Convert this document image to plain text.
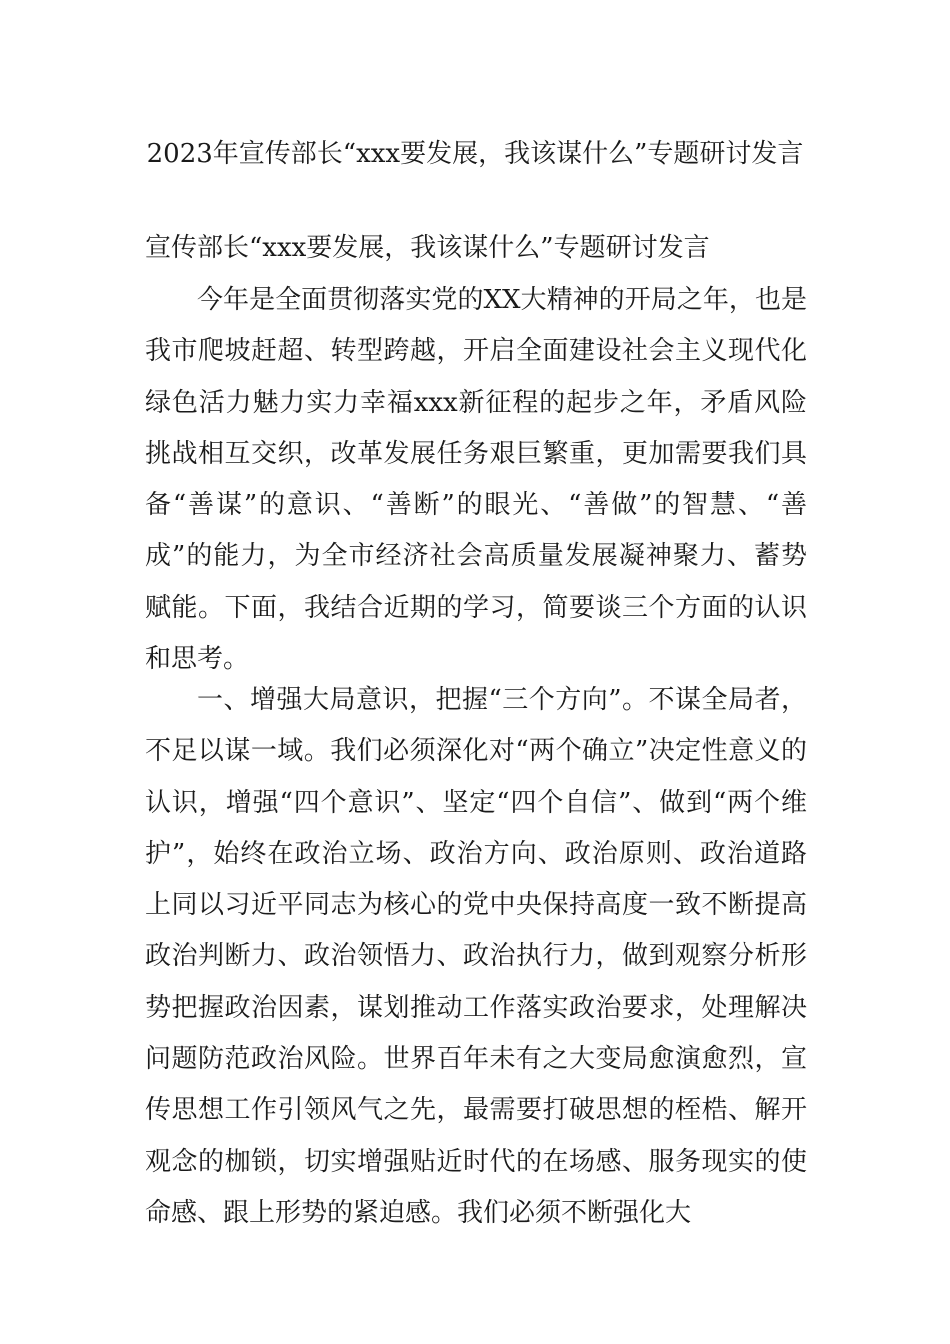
2023年宣传部长“xxx要发展，我该谋什么”专题研讨发言

宣传部长“xxx要发展，我该谋什么”专题研讨发言

今年是全面贯彻落实党的XX大精神的开局之年，也是我市爬坡赶超、转型跨越，开启全面建设社会主义现代化绿色活力魅力实力幸福xxx新征程的起步之年，矛盾风险挑战相互交织，改革发展任务艰巨繁重，更加需要我们具备“善谋”的意识、“善断”的眼光、“善做”的智慧、“善成”的能力，为全市经济社会高质量发展凝神聚力、蓄势赋能。下面，我结合近期的学习，简要谈三个方面的认识和思考。

一、增强大局意识，把握“三个方向”。不谋全局者，不足以谋一域。我们必须深化对“两个确立”决定性意义的认识，增强“四个意识”、坚定“四个自信”、做到“两个维护”，始终在政治立场、政治方向、政治原则、政治道路上同以习近平同志为核心的党中央保持高度一致不断提高政治判断力、政治领悟力、政治执行力，做到观察分析形势把握政治因素，谋划推动工作落实政治要求，处理解决问题防范政治风险。世界百年未有之大变局愈演愈烈，宣传思想工作引领风气之先，最需要打破思想的桎梏、解开观念的枷锁，切实增强贴近时代的在场感、服务现实的使命感、跟上形势的紧迫感。我们必须不断强化大
